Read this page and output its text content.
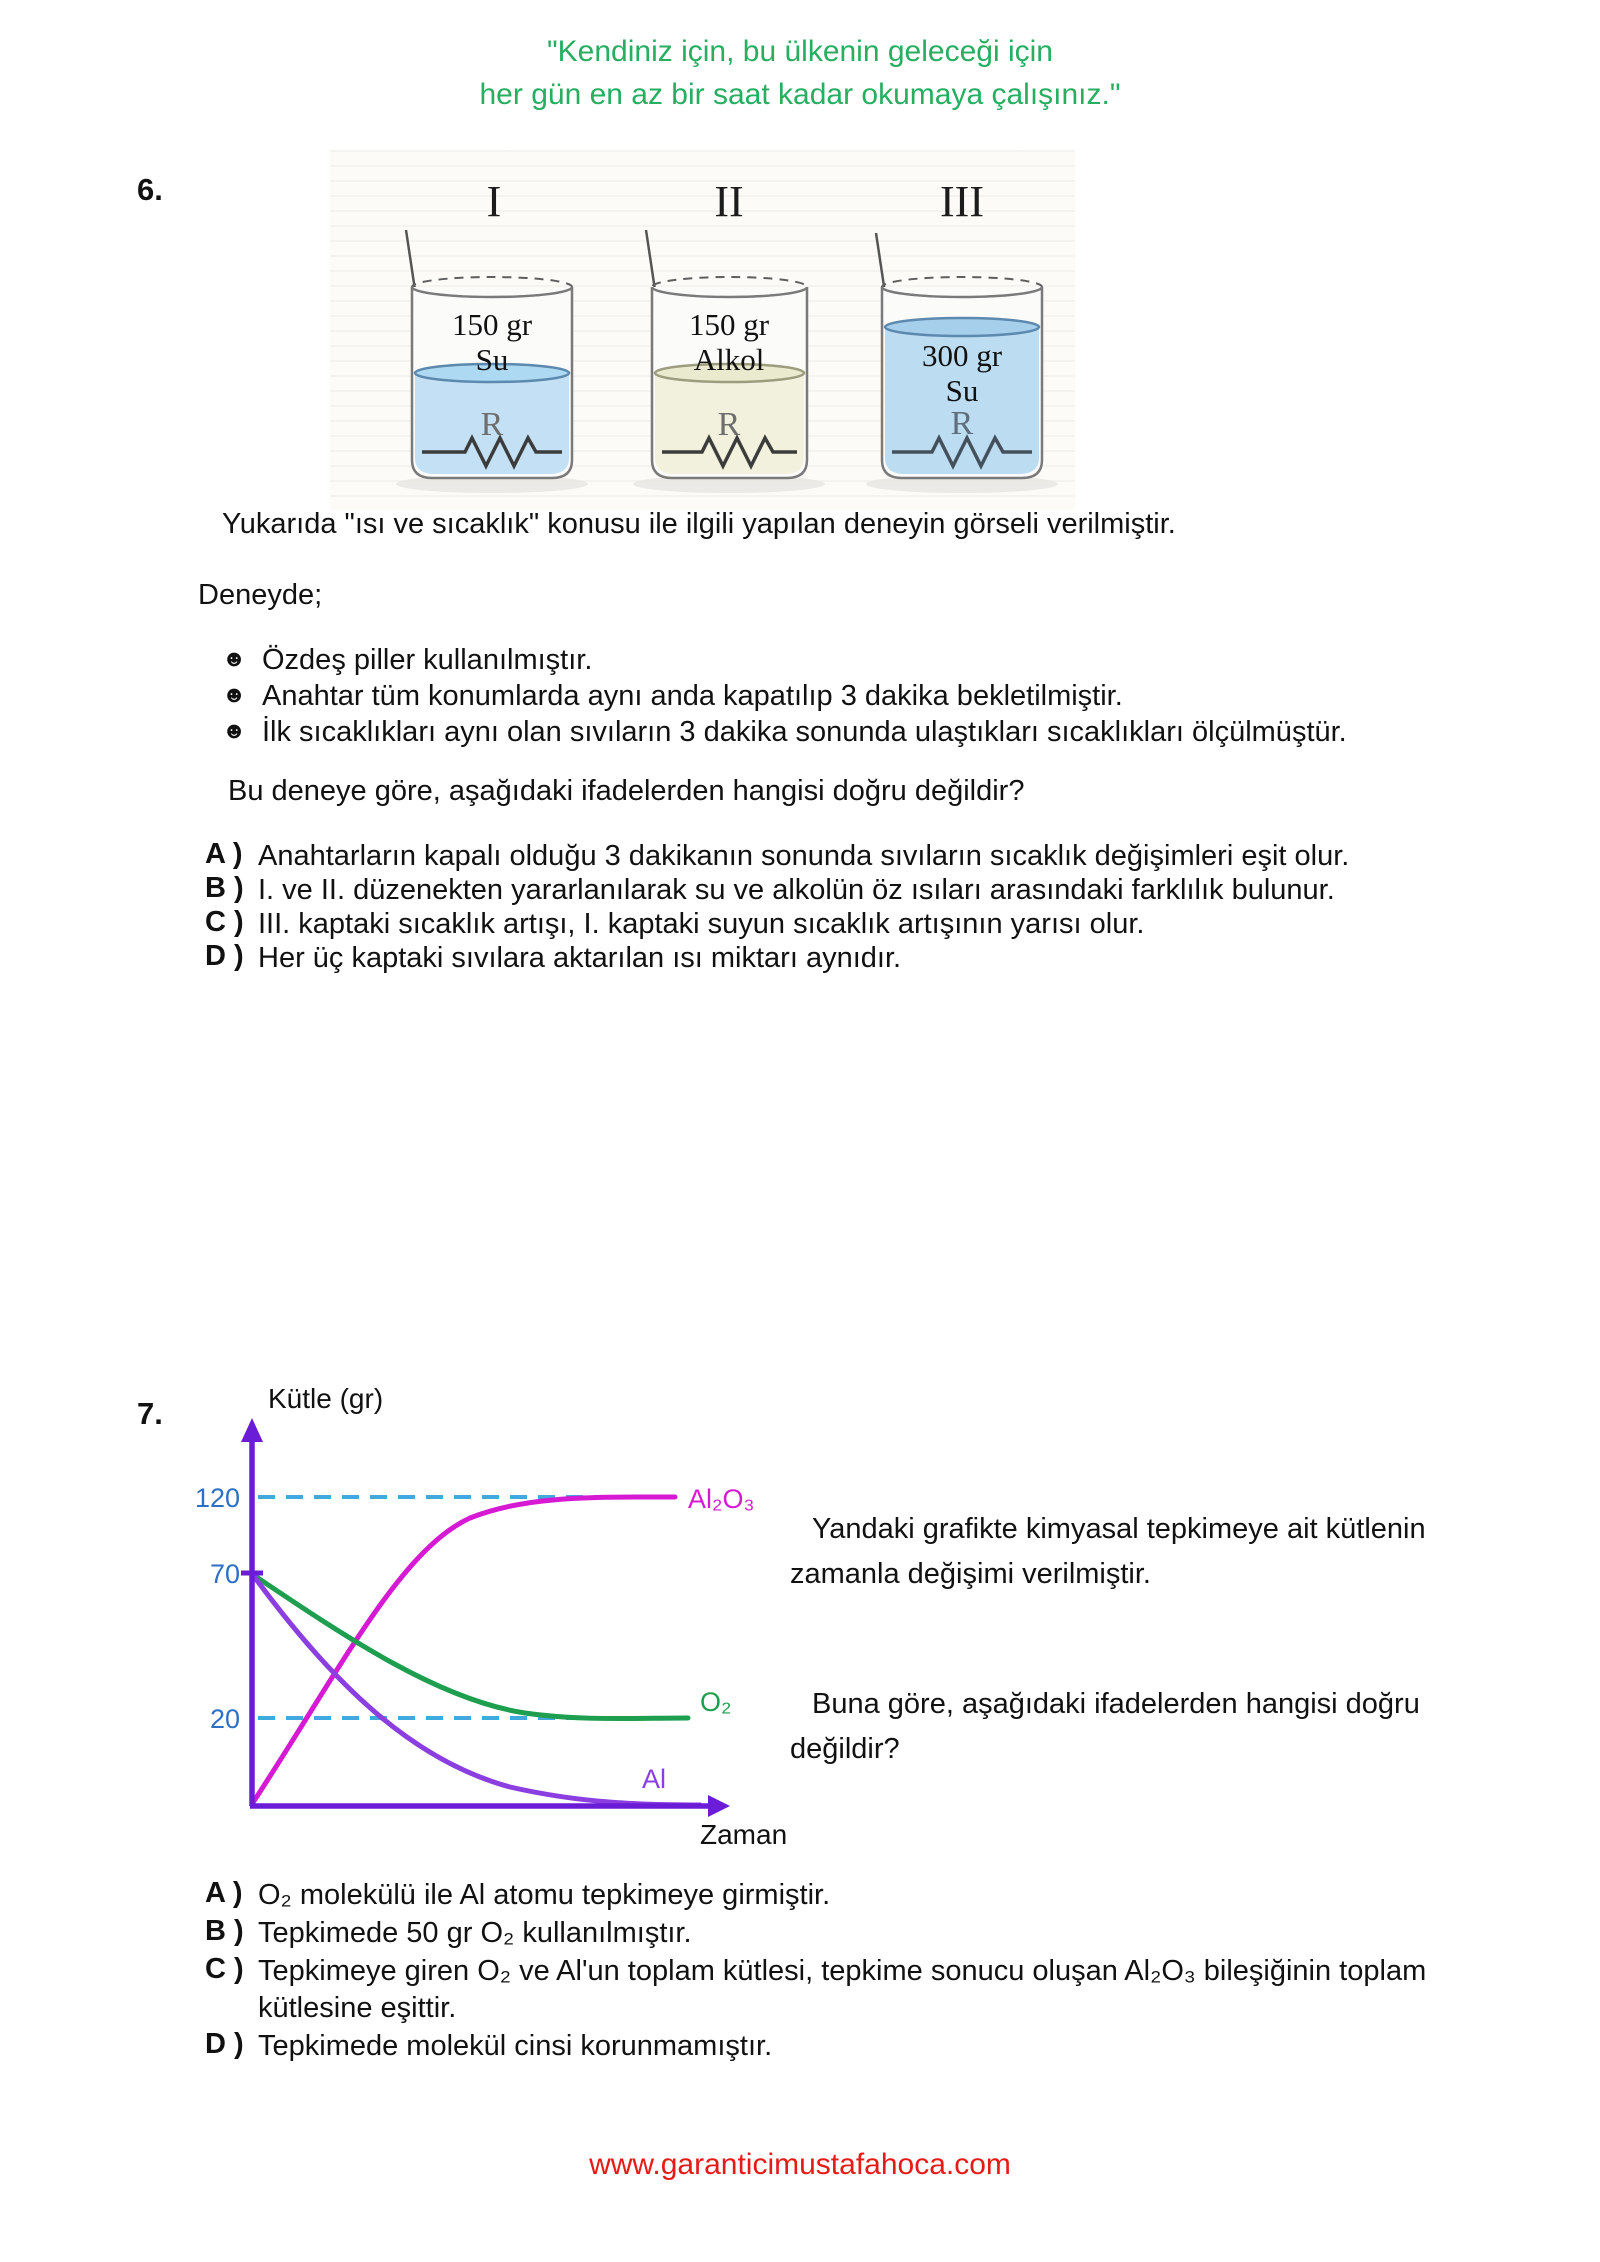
"Kendiniz için, bu ülkenin geleceği için
her gün en az bir saat kadar okumaya çalışınız."
6.	I	II	III
150 gr
Su
R
150 gr
Alkol
R
300 gr
Su
R
Yukarıda "ısı ve sıcaklık" konusu ile ilgili yapılan deneyin görseli verilmiştir.
Deneyde;
☻ Özdeş piller kullanılmıştır.
☻ Anahtar tüm konumlarda aynı anda kapatılıp 3 dakika bekletilmiştir.
☻ İlk sıcaklıkları aynı olan sıvıların 3 dakika sonunda ulaştıkları sıcaklıkları ölçülmüştür.
Bu deneye göre, aşağıdaki ifadelerden hangisi doğru değildir?
A ) Anahtarların kapalı olduğu 3 dakikanın sonunda sıvıların sıcaklık değişimleri eşit olur.
B ) I. ve II. düzenekten yararlanılarak su ve alkolün öz ısıları arasındaki farklılık bulunur.
C ) III. kaptaki sıcaklık artışı, I. kaptaki suyun sıcaklık artışının yarısı olur.
D ) Her üç kaptaki sıvılara aktarılan ısı miktarı aynıdır.
7.
120
70
20
Kütle (gr)
Zaman
Al₂O₃
O₂
Al
Yandaki grafikte kimyasal tepkimeye ait kütlenin
zamanla değişimi verilmiştir.
Buna göre, aşağıdaki ifadelerden hangisi doğru
değildir?
A ) O₂ molekülü ile Al atomu tepkimeye girmiştir.
B ) Tepkimede 50 gr O₂ kullanılmıştır.
C ) Tepkimeye giren O₂ ve Al'un toplam kütlesi, tepkime sonucu oluşan Al₂O₃ bileşiğinin toplam kütlesine eşittir.
D ) Tepkimede molekül cinsi korunmamıştır.
www.garanticimustafahoca.com
